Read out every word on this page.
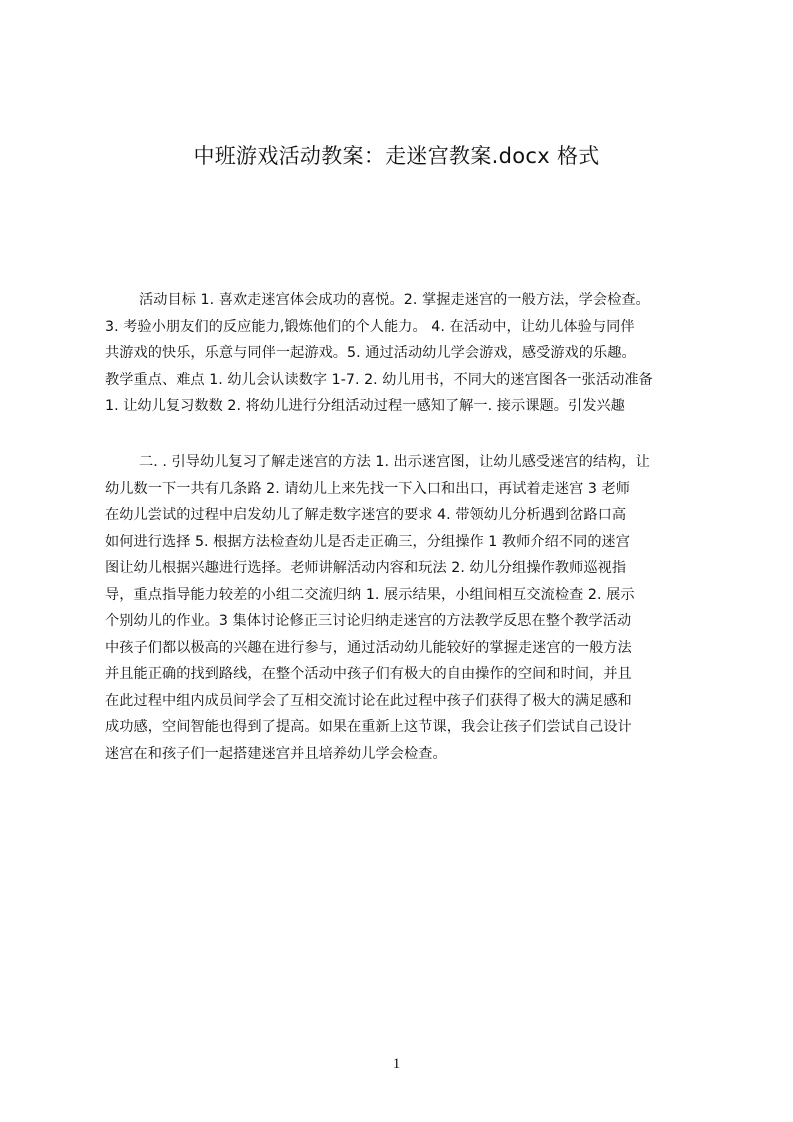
中班游戏活动教案：走迷宫教案.docx 格式
活动目标 1. 喜欢走迷宫体会成功的喜悦。2. 掌握走迷宫的一般方法，学会检查。
3. 考验小朋友们的反应能力,锻炼他们的个人能力。 4. 在活动中，让幼儿体验与同伴
共游戏的快乐，乐意与同伴一起游戏。5. 通过活动幼儿学会游戏，感受游戏的乐趣。
教学重点、难点 1. 幼儿会认读数字 1-7. 2. 幼儿用书，不同大的迷宫图各一张活动准备
1. 让幼儿复习数数 2. 将幼儿进行分组活动过程一感知了解一. 接示课题。引发兴趣
二. . 引导幼儿复习了解走迷宫的方法 1. 出示迷宫图，让幼儿感受迷宫的结构，让
幼儿数一下一共有几条路 2. 请幼儿上来先找一下入口和出口，再试着走迷宫 3 老师
在幼儿尝试的过程中启发幼儿了解走数字迷宫的要求 4. 带领幼儿分析遇到岔路口高
如何进行选择 5. 根据方法检查幼儿是否走正确三，分组操作 1 教师介绍不同的迷宫
图让幼儿根据兴趣进行选择。老师讲解活动内容和玩法 2. 幼儿分组操作教师巡视指
导，重点指导能力较差的小组二交流归纳 1. 展示结果，小组间相互交流检查 2. 展示
个别幼儿的作业。3 集体讨论修正三讨论归纳走迷宫的方法教学反思在整个教学活动
中孩子们都以极高的兴趣在进行参与，通过活动幼儿能较好的掌握走迷宫的一般方法
并且能正确的找到路线，在整个活动中孩子们有极大的自由操作的空间和时间，并且
在此过程中组内成员间学会了互相交流讨论在此过程中孩子们获得了极大的满足感和
成功感，空间智能也得到了提高。如果在重新上这节课，我会让孩子们尝试自己设计
迷宫在和孩子们一起搭建迷宫并且培养幼儿学会检查。
1
